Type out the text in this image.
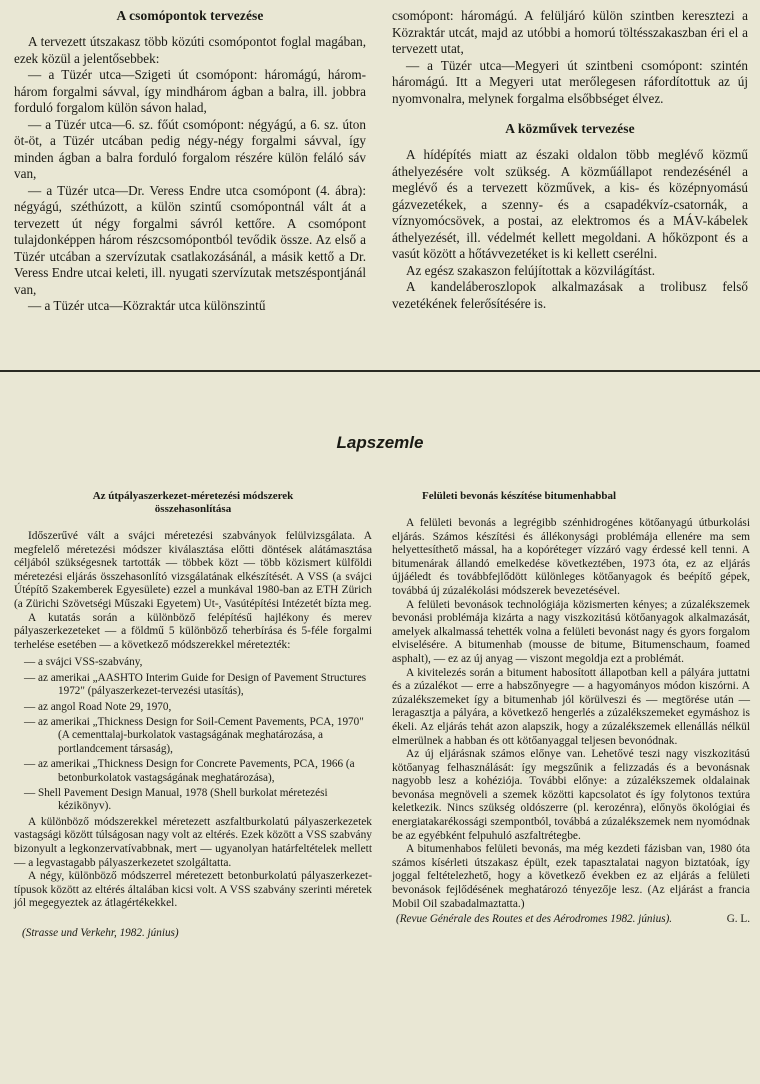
A csomópontok tervezése

A tervezett útszakasz több közúti csomópontot foglal magában, ezek közül a jelentősebbek:

— a Tüzér utca—Szigeti út csomópont: háromágú, három-három forgalmi sávval, így mindhárom ágban a balra, ill. jobbra forduló forgalom külön sávon halad,

— a Tüzér utca—6. sz. főút csomópont: négyágú, a 6. sz. úton öt-öt, a Tüzér utcában pedig négy-négy forgalmi sávval, így minden ágban a balra forduló forgalom részére külön feláló sáv van,

— a Tüzér utca—Dr. Veress Endre utca csomópont (4. ábra): négyágú, széthúzott, a külön szintű csomópontnál vált át a tervezett út négy forgalmi sávról kettőre. A csomópont tulajdonképpen három részcsomópontból tevődik össze. Az első a Tüzér utcában a szervízutak csatlakozásánál, a másik kettő a Dr. Veress Endre utcai keleti, ill. nyugati szervízutak metszéspontjánál van,

— a Tüzér utca—Közraktár utca különszintű

csomópont: háromágú. A felüljáró külön szintben keresztezi a Közraktár utcát, majd az utóbbi a homorú töltésszakaszban éri el a tervezett utat,

— a Tüzér utca—Megyeri út szintbeni csomópont: szintén háromágú. Itt a Megyeri utat merőlegesen ráfordítottuk az új nyomvonalra, melynek forgalma elsőbbséget élvez.

A közművek tervezése

A hídépítés miatt az északi oldalon több meglévő közmű áthelyezésére volt szükség. A közműállapot rendezésénél a meglévő és a tervezett közművek, a kis- és középnyomású gázvezetékek, a szenny- és a csapadékvíz-csatornák, a víznyomócsövek, a postai, az elektromos és a MÁV-kábelek áthelyezését, ill. védelmét kellett megoldani. A hőközpont és a vasút között a hőtávvezetéket is ki kellett cserélni.

Az egész szakaszon felújítottak a közvilágítást.

A kandeláberoszlopok alkalmazásak a trolibusz felső vezetékének felerősítésére is.

Lapszemle
Az útpályaszerkezet-méretezési módszerek
összehasonlítása

Időszerűvé vált a svájci méretezési szabványok felülvizsgálata. A megfelelő méretezési módszer kiválasztása előtti döntések alátámasztása céljából szükségesnek tartották — többek közt — több közismert külföldi méretezési eljárás összehasonlító vizsgálatának elkészítését. A VSS (a svájci Útépítő Szakemberek Egyesülete) ezzel a munkával 1980-ban az ETH Zürich (a Zürichi Szövetségi Műszaki Egyetem) Ut-, Vasútépítési Intézetét bízta meg.

A kutatás során a különböző felépítésű hajlékony és merev pályaszerkezeteket — a földmű 5 különböző teherbírása és 5-féle forgalmi terhelése esetében — a következő módszerekkel méretezték:

— a svájci VSS-szabvány,
— az amerikai „AASHTO Interim Guide for Design of Pavement Structures 1972" (pályaszerkezet-tervezési utasítás),
— az angol Road Note 29, 1970,
— az amerikai „Thickness Design for Soil-Cement Pavements, PCA, 1970" (A cementtalaj-burkolatok vastagságának meghatározása, a portlandcement társaság),
— az amerikai „Thickness Design for Concrete Pavements, PCA, 1966 (a betonburkolatok vastagságának meghatározása),
— Shell Pavement Design Manual, 1978 (Shell burkolat méretezési kézikönyv).

A különböző módszerekkel méretezett aszfaltburkolatú pályaszerkezetek vastagsági között túlságosan nagy volt az eltérés. Ezek között a VSS szabvány bizonyult a legkonzervatívabbnak, mert — ugyanolyan határfeltételek mellett — a legvastagabb pályaszerkezetet szolgáltatta.

A négy, különböző módszerrel méretezett betonburkolatú pályaszerkezet-típusok között az eltérés általában kicsi volt. A VSS szabvány szerinti méretek jól megegyeztek az átlagértékekkel.

(Strasse und Verkehr, 1982. június)
Felületi bevonás készítése bitumenhabbal

A felületi bevonás a legrégibb szénhidrogénes kötőanyagú útburkolási eljárás. Számos készítési és állékonysági problémája ellenére ma sem helyettesíthető mással, ha a kopórétegет vízzáró vagy érdessé kell tenni. A bitumenárak állandó emelkedése következtében, 1973 óta, ez az eljárás újjáéledt és továbbfejlődött különleges kötőanyagok és beépítő gépek, továbbá új zúzalékolási módszerek bevezetésével.

A felületi bevonások technológiája közismerten kényes; a zúzalékszemek bevonási problémája kizárta a nagy viszkozitású kötőanyagok alkalmazását, amelyek alkalmassá tehették volna a felületi bevonást nagy és gyors forgalom elviselésére. A bitumenhab (mousse de bitume, Bitumenschaum, foamed asphalt), — ez az új anyag — viszont megoldja ezt a problémát.

A kivitelezés során a bitument habosított állapotban kell a pályára juttatni és a zúzalékot — erre a habszőnyegre — a hagyományos módon kiszórni. A zúzalékszemeket így a bitumenhab jól körülveszi és — megtörése után — leragasztja a pályára, a következő hengerlés a zúzalékszemeket egymáshoz is ékeli. Az eljárás tehát azon alapszik, hogy a zúzalékszemek ellenállás nélkül elmerülnek a habban és ott kötőanyaggal teljesen bevonódnak.

Az új eljárásnak számos előnye van. Lehetővé teszi nagy viszkozitású kötőanyag felhasználását: így megszűnik a felizzadás és a bevonásnak nagyobb lesz a kohéziója. További előnye: a zúzalékszemek oldalainak bevonása megnöveli a szemek közötti kapcsolatot és így folytonos textúra keletkezik. Nincs szükség oldószerre (pl. kerozénra), előnyös ökológiai és energiatakarékossági szempontból, továbbá a zúzalékszemek nem nyomódnak be az egyébként felpuhuló aszfaltrétegbe.

A bitumenhabos felületi bevonás, ma még kezdeti fázisban van, 1980 óta számos kísérleti útszakasz épült, ezek tapasztalatai nagyon biztatóak, így joggal feltételezhető, hogy a következő években ez az eljárás a felületi bevonások fejlődésének meghatározó tényezője lesz. (Az eljárást a francia Mobil Oil szabadalmaztatta.)

(Revue Générale des Routes et des Aérodromes 1982. június).	G. L.
